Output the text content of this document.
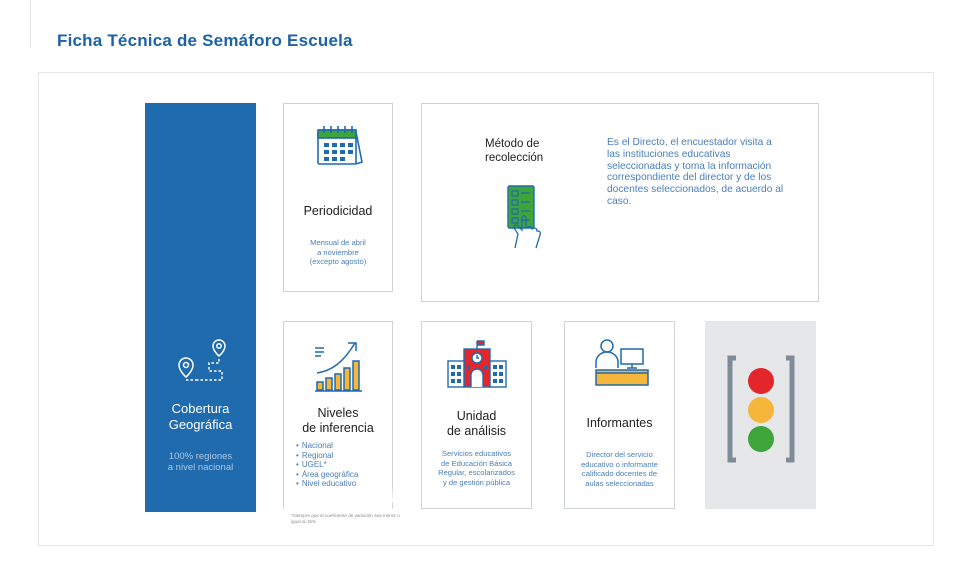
Ficha Técnica de Semáforo Escuela
Cobertura
Geográfica
100% regiones
a nivel nacional
Periodicidad
Mensual de abril
a noviembre
(excepto agosto)
Método de
recolección
Es el Directo, el encuestador visita a las instituciones educativas seleccionadas y toma la información correspondiente del director y de los docentes seleccionados, de acuerdo al caso.
Niveles
de inferencia
• Nacional
• Regional
• UGEL*
• Área geográfica
• Nivel educativo
*Siempre que el coeficiente de variación sea menor o igual al 15%
Unidad
de análisis
Servicios educativos
de Educación Básica
Regular, escolarizados
y de gestión pública
Informantes
Director del servicio
educativo o informante
calificado docentes de
aulas seleccionadas
